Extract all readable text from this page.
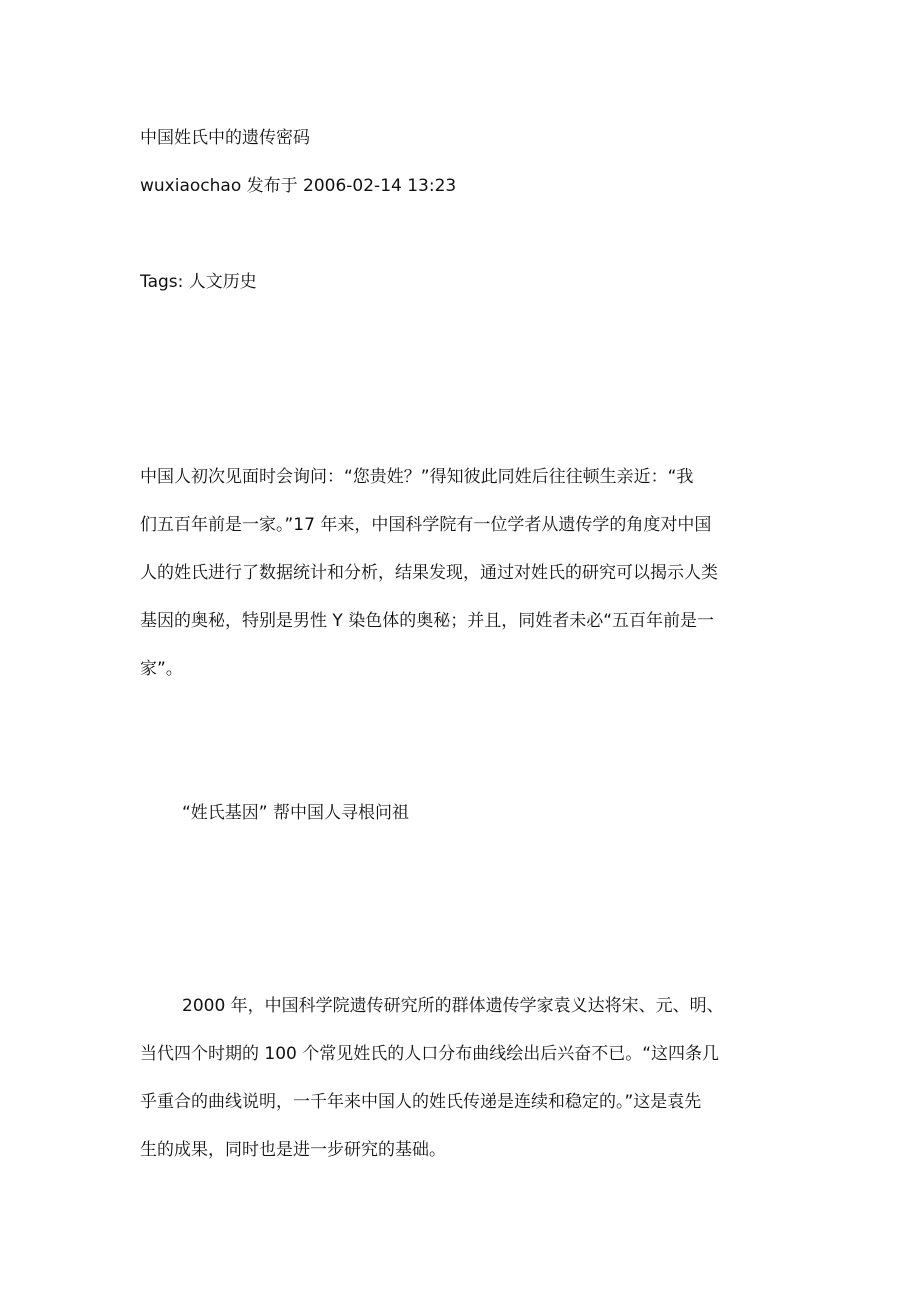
中国姓氏中的遗传密码
wuxiaochao 发布于 2006-02-14 13:23
Tags: 人文历史
中国人初次见面时会询问：“您贵姓？”得知彼此同姓后往往顿生亲近：“我
们五百年前是一家。”17 年来，中国科学院有一位学者从遗传学的角度对中国
人的姓氏进行了数据统计和分析，结果发现，通过对姓氏的研究可以揭示人类
基因的奥秘，特别是男性 Y 染色体的奥秘；并且，同姓者未必“五百年前是一
家”。
“姓氏基因” 帮中国人寻根问祖
2000 年，中国科学院遗传研究所的群体遗传学家袁义达将宋、元、明、
当代四个时期的 100 个常见姓氏的人口分布曲线绘出后兴奋不已。“这四条几
乎重合的曲线说明，一千年来中国人的姓氏传递是连续和稳定的。”这是袁先
生的成果，同时也是进一步研究的基础。
